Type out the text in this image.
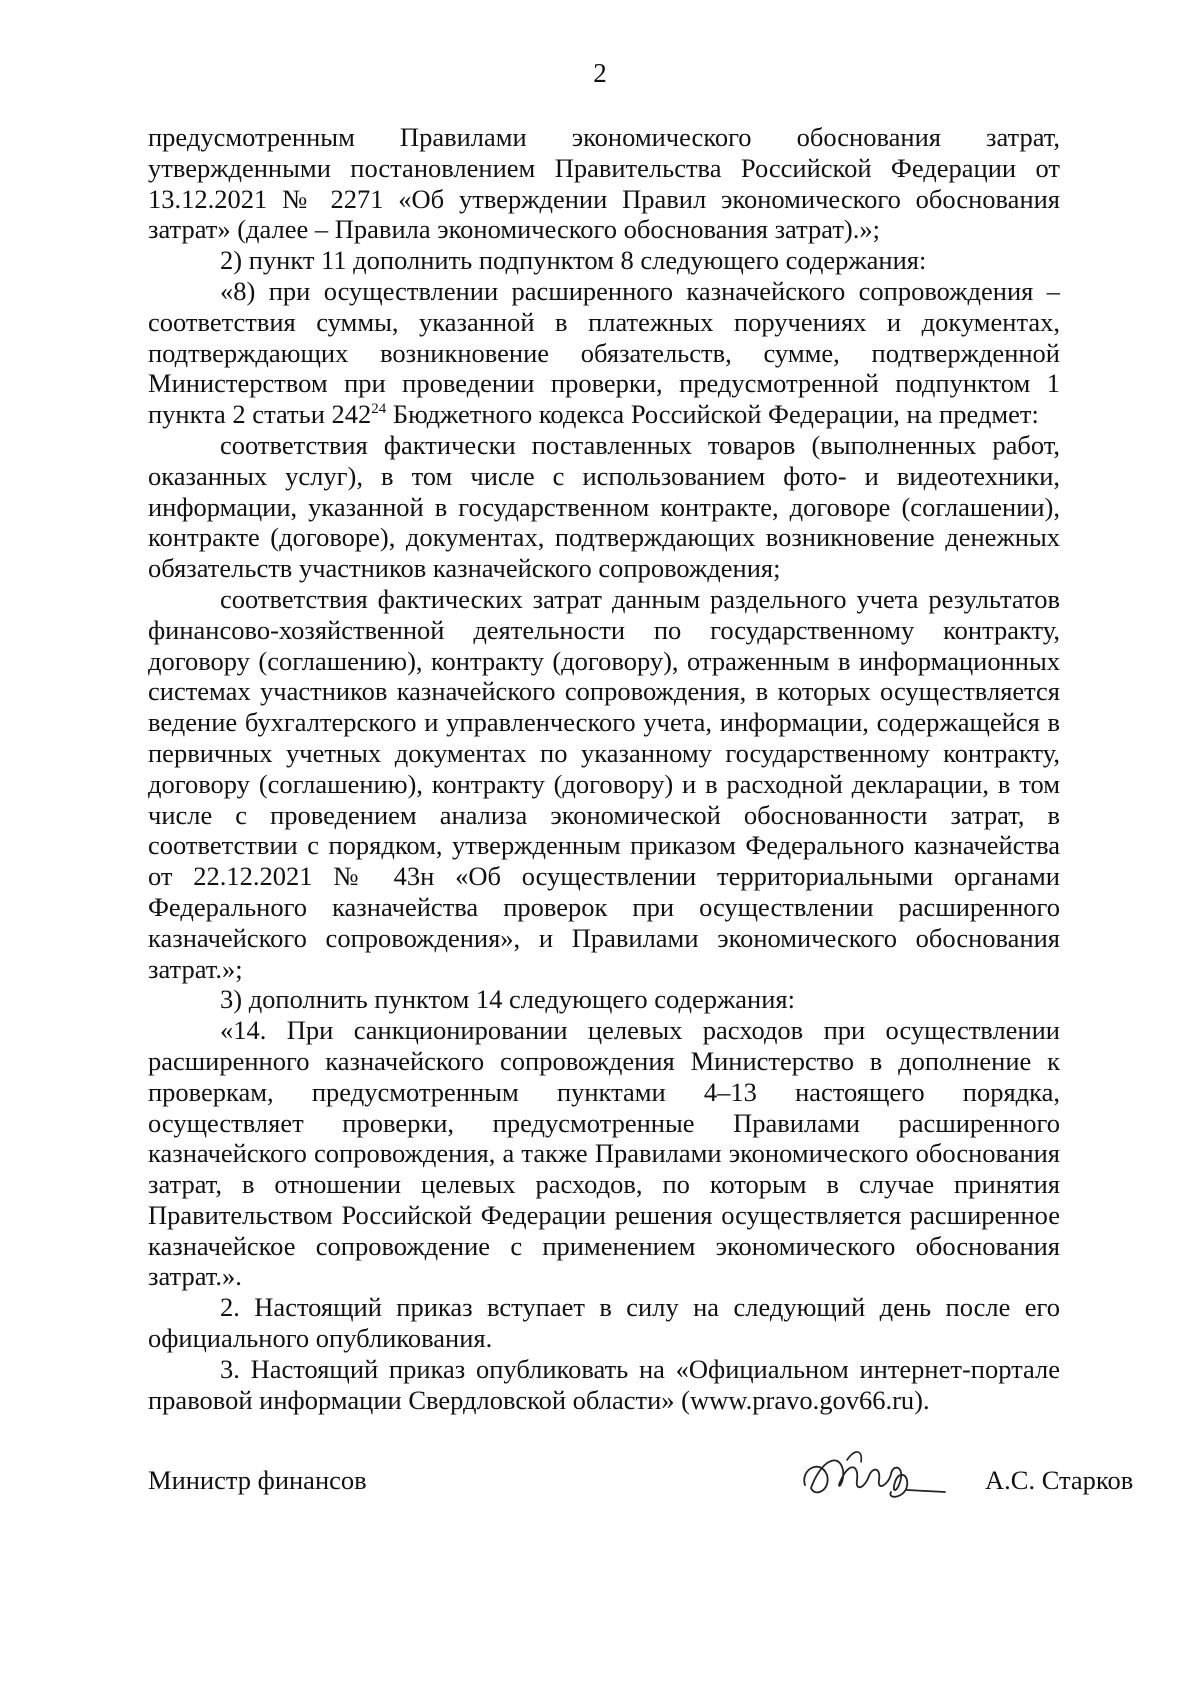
2

предусмотренным Правилами экономического обоснования затрат, утвержденными постановлением Правительства Российской Федерации от 13.12.2021 № 2271 «Об утверждении Правил экономического обоснования затрат» (далее – Правила экономического обоснования затрат).»;

2) пункт 11 дополнить подпунктом 8 следующего содержания:

«8) при осуществлении расширенного казначейского сопровождения – соответствия суммы, указанной в платежных поручениях и документах, подтверждающих возникновение обязательств, сумме, подтвержденной Министерством при проведении проверки, предусмотренной подпунктом 1 пункта 2 статьи $242^{24}$ Бюджетного кодекса Российской Федерации, на предмет:

соответствия фактически поставленных товаров (выполненных работ, оказанных услуг), в том числе с использованием фото- и видеотехники, информации, указанной в государственном контракте, договоре (соглашении), контракте (договоре), документах, подтверждающих возникновение денежных обязательств участников казначейского сопровождения;

соответствия фактических затрат данным раздельного учета результатов финансово-хозяйственной деятельности по государственному контракту, договору (соглашению), контракту (договору), отраженным в информационных системах участников казначейского сопровождения, в которых осуществляется ведение бухгалтерского и управленческого учета, информации, содержащейся в первичных учетных документах по указанному государственному контракту, договору (соглашению), контракту (договору) и в расходной декларации, в том числе с проведением анализа экономической обоснованности затрат, в соответствии с порядком, утвержденным приказом Федерального казначейства от 22.12.2021 № 43н «Об осуществлении территориальными органами Федерального казначейства проверок при осуществлении расширенного казначейского сопровождения», и Правилами экономического обоснования затрат.»;

3) дополнить пунктом 14 следующего содержания:

«14. При санкционировании целевых расходов при осуществлении расширенного казначейского сопровождения Министерство в дополнение к проверкам, предусмотренным пунктами 4–13 настоящего порядка, осуществляет проверки, предусмотренные Правилами расширенного казначейского сопровождения, а также Правилами экономического обоснования затрат, в отношении целевых расходов, по которым в случае принятия Правительством Российской Федерации решения осуществляется расширенное казначейское сопровождение с применением экономического обоснования затрат.».

2. Настоящий приказ вступает в силу на следующий день после его официального опубликования.

3. Настоящий приказ опубликовать на «Официальном интернет-портале правовой информации Свердловской области» (www.pravo.gov66.ru).

Министр финансов	А.С. Старков
